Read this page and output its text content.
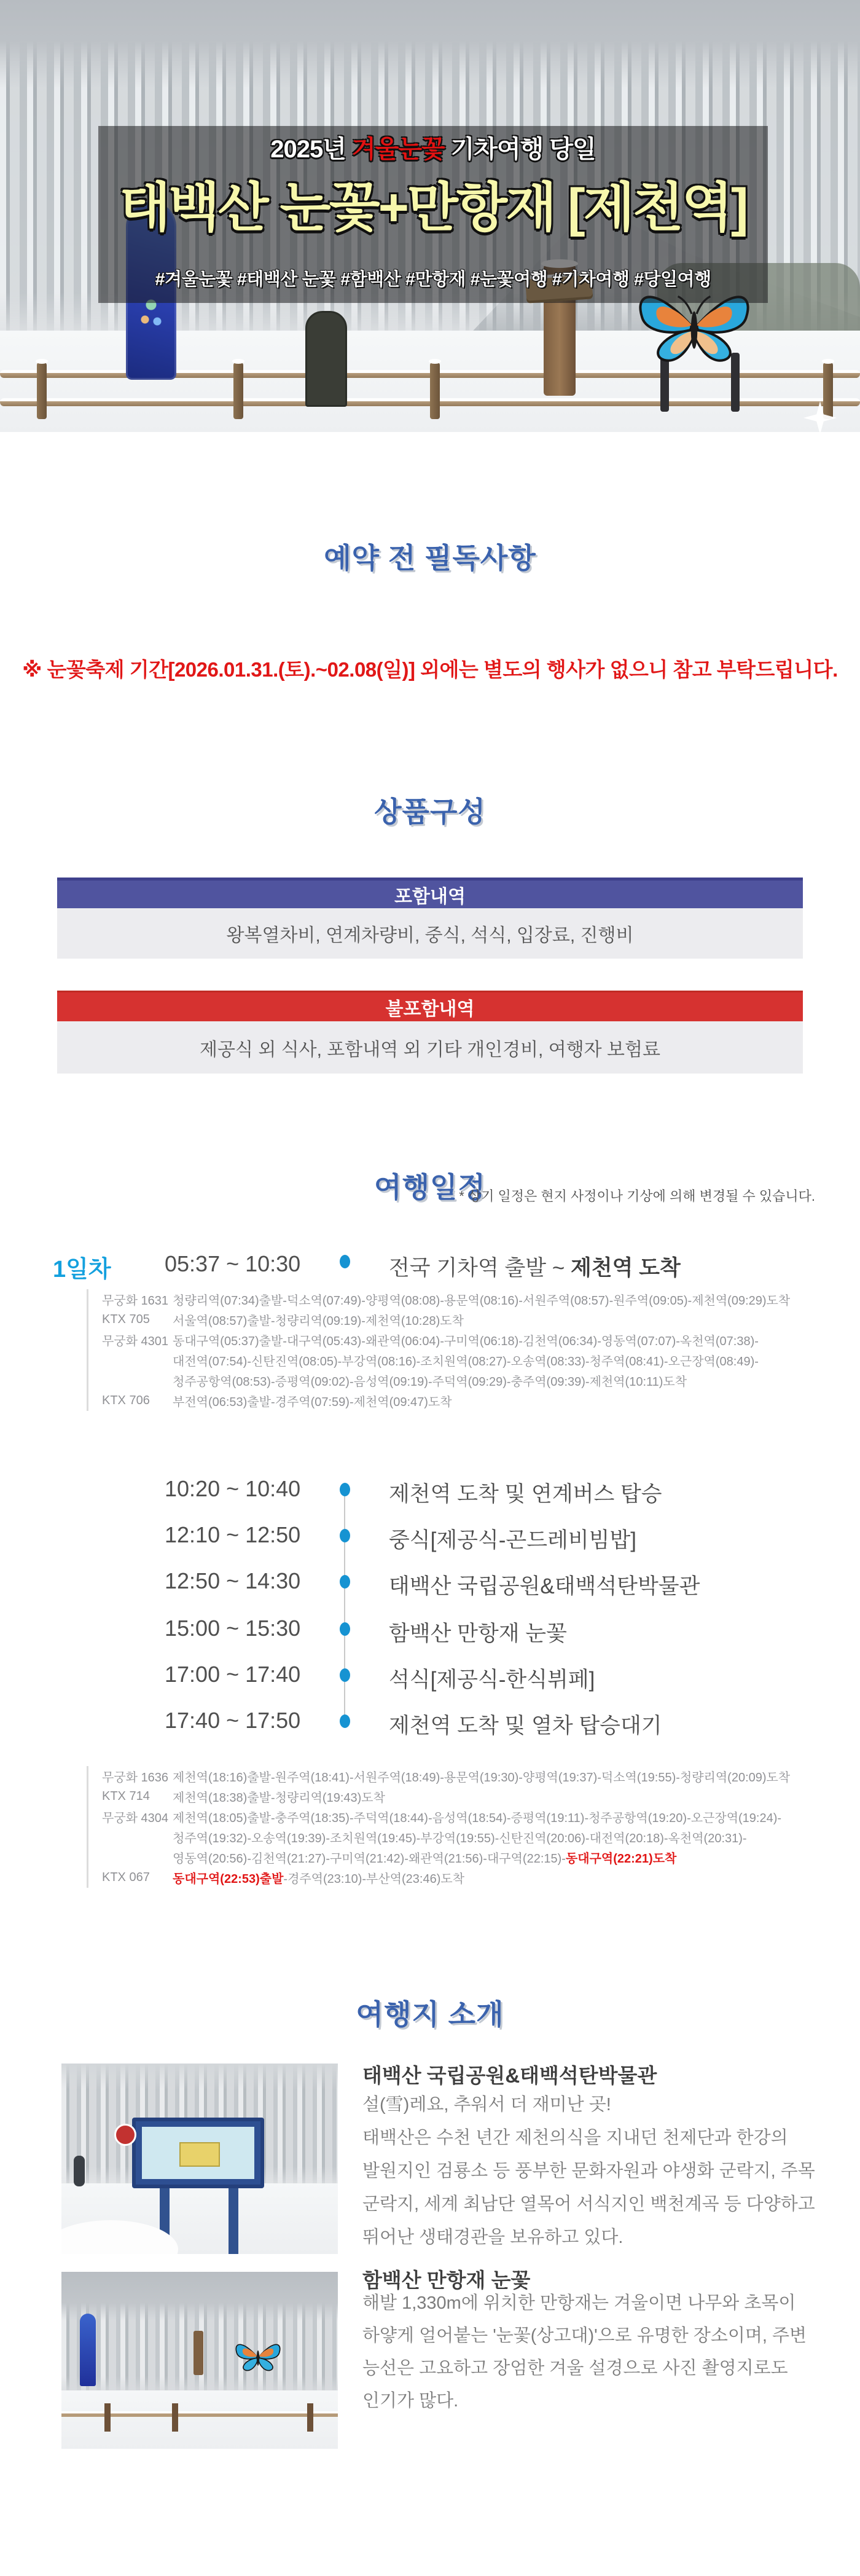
2025년 겨울눈꽃 기차여행 당일
태백산 눈꽃+만항재 [제천역]
#겨울눈꽃 #태백산 눈꽃 #함백산 #만항재 #눈꽃여행 #기차여행 #당일여행
예약 전 필독사항
※ 눈꽃축제 기간[2026.01.31.(토).~02.08(일)] 외에는 별도의 행사가 없으니 참고 부탁드립니다.
상품구성
포함내역
왕복열차비, 연계차량비, 중식, 석식, 입장료, 진행비
불포함내역
제공식 외 식사, 포함내역 외 기타 개인경비, 여행자 보험료
여행일정
* 상기 일정은 현지 사정이나 기상에 의해 변경될 수 있습니다.
1일차 05:37 ~ 10:30	전국 기차역 출발 ~ 제천역 도착
무궁화 1631 청량리역(07:34)출발-덕소역(07:49)-양평역(08:08)-용문역(08:16)-서원주역(08:57)-원주역(09:05)-제천역(09:29)도착
KTX 705	서울역(08:57)출발-청량리역(09:19)-제천역(10:28)도착
무궁화 4301 동대구역(05:37)출발-대구역(05:43)-왜관역(06:04)-구미역(06:18)-김천역(06:34)-영동역(07:07)-옥천역(07:38)-
대전역(07:54)-신탄진역(08:05)-부강역(08:16)-조치원역(08:27)-오송역(08:33)-청주역(08:41)-오근장역(08:49)-
청주공항역(08:53)-증평역(09:02)-음성역(09:19)-주덕역(09:29)-충주역(09:39)-제천역(10:11)도착
KTX 706	부전역(06:53)출발-경주역(07:59)-제천역(09:47)도착
10:20 ~ 10:40	제천역 도착 및 연계버스 탑승
12:10 ~ 12:50	중식[제공식-곤드레비빔밥]
12:50 ~ 14:30	태백산 국립공원&태백석탄박물관
15:00 ~ 15:30	함백산 만항재 눈꽃
17:00 ~ 17:40	석식[제공식-한식뷔페]
17:40 ~ 17:50	제천역 도착 및 열차 탑승대기
무궁화 1636 제천역(18:16)출발-원주역(18:41)-서원주역(18:49)-용문역(19:30)-양평역(19:37)-덕소역(19:55)-청량리역(20:09)도착
KTX 714	제천역(18:38)출발-청량리역(19:43)도착
무궁화 4304 제천역(18:05)출발-충주역(18:35)-주덕역(18:44)-음성역(18:54)-증평역(19:11)-청주공항역(19:20)-오근장역(19:24)-
청주역(19:32)-오송역(19:39)-조치원역(19:45)-부강역(19:55)-신탄진역(20:06)-대전역(20:18)-옥천역(20:31)-
영동역(20:56)-김천역(21:27)-구미역(21:42)-왜관역(21:56)-대구역(22:15)- 동대구역(22:21)도착
KTX 067	동대구역(22:53)출발 -경주역(23:10)-부산역(23:46)도착
여행지 소개
태백산 국립공원&태백석탄박물관
설(雪)레요, 추워서 더 재미난 곳!
태백산은 수천 년간 제천의식을 지내던 천제단과 한강의
발원지인 검룡소 등 풍부한 문화자원과 야생화 군락지, 주목
군락지, 세계 최남단 열목어 서식지인 백천계곡 등 다양하고
뛰어난 생태경관을 보유하고 있다.
함백산 만항재 눈꽃
해발 1,330m에 위치한 만항재는 겨울이면 나무와 초목이
하얗게 얼어붙는 '눈꽃(상고대)'으로 유명한 장소이며, 주변
능선은 고요하고 장엄한 겨울 설경으로 사진 촬영지로도
인기가 많다.
